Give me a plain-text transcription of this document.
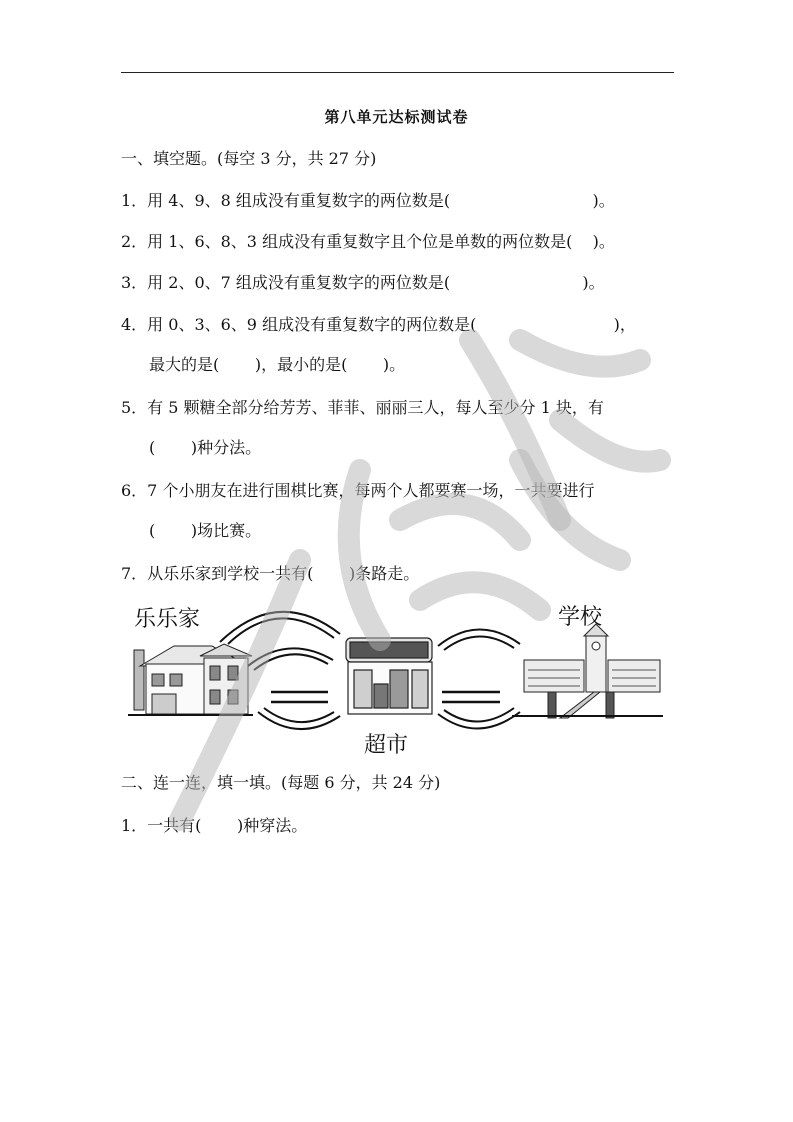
第八单元达标测试卷
一、填空题。(每空 3 分，共 27 分)
1．用 4、9、8 组成没有重复数字的两位数是(                            )。
2．用 1、6、8、3 组成没有重复数字且个位是单数的两位数是(    )。
3．用 2、0、7 组成没有重复数字的两位数是(                          )。
4．用 0、3、6、9 组成没有重复数字的两位数是(                           )，
最大的是(       )，最小的是(       )。
5．有 5 颗糖全部分给芳芳、菲菲、丽丽三人，每人至少分 1 块，有
(       )种分法。
6．7 个小朋友在进行围棋比赛，每两个人都要赛一场，一共要进行
(       )场比赛。
7．从乐乐家到学校一共有(       )条路走。
乐乐家	学校
超市
二、连一连，填一填。(每题 6 分，共 24 分)
1．一共有(       )种穿法。
